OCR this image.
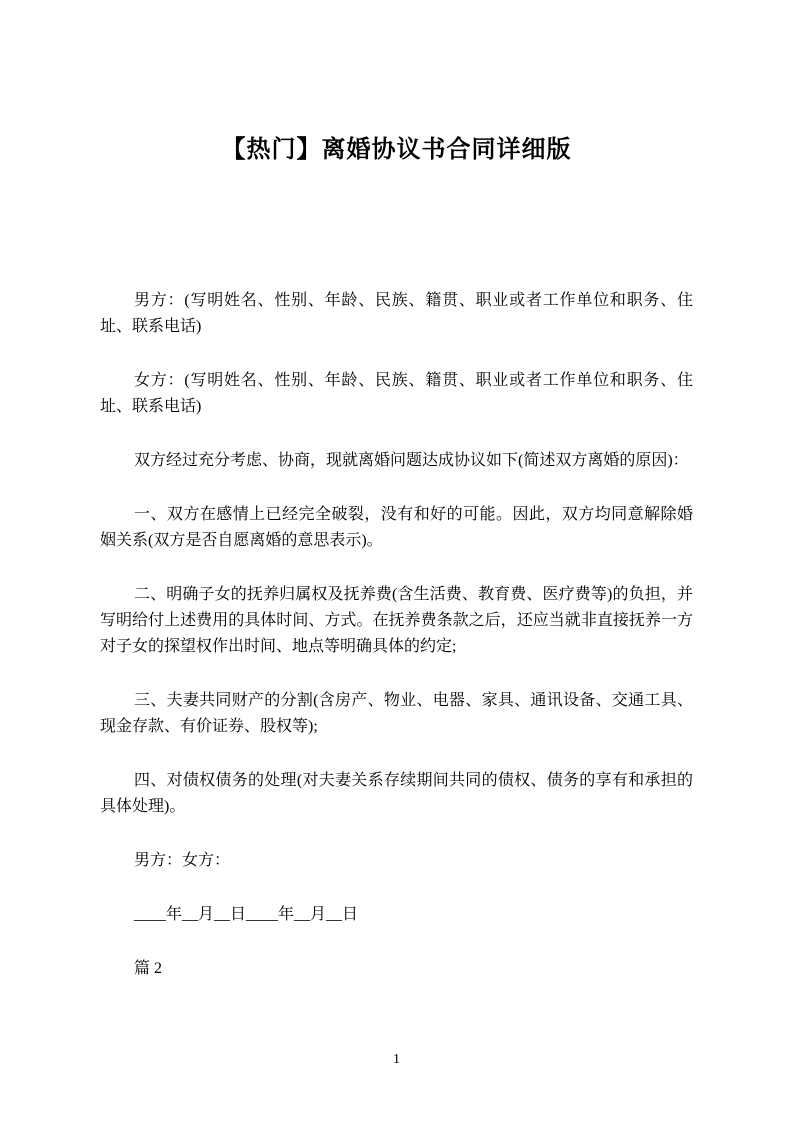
【热门】离婚协议书合同详细版

男方：(写明姓名、性别、年龄、民族、籍贯、职业或者工作单位和职务、住址、联系电话)

女方：(写明姓名、性别、年龄、民族、籍贯、职业或者工作单位和职务、住址、联系电话)

双方经过充分考虑、协商，现就离婚问题达成协议如下(简述双方离婚的原因)：

一、双方在感情上已经完全破裂，没有和好的可能。因此，双方均同意解除婚姻关系(双方是否自愿离婚的意思表示)。

二、明确子女的抚养归属权及抚养费(含生活费、教育费、医疗费等)的负担，并写明给付上述费用的具体时间、方式。在抚养费条款之后，还应当就非直接抚养一方对子女的探望权作出时间、地点等明确具体的约定;

三、夫妻共同财产的分割(含房产、物业、电器、家具、通讯设备、交通工具、现金存款、有价证券、股权等);

四、对债权债务的处理(对夫妻关系存续期间共同的债权、债务的享有和承担的具体处理)。

男方：女方：

____年__月__日____年__月__日

篇 2

1
